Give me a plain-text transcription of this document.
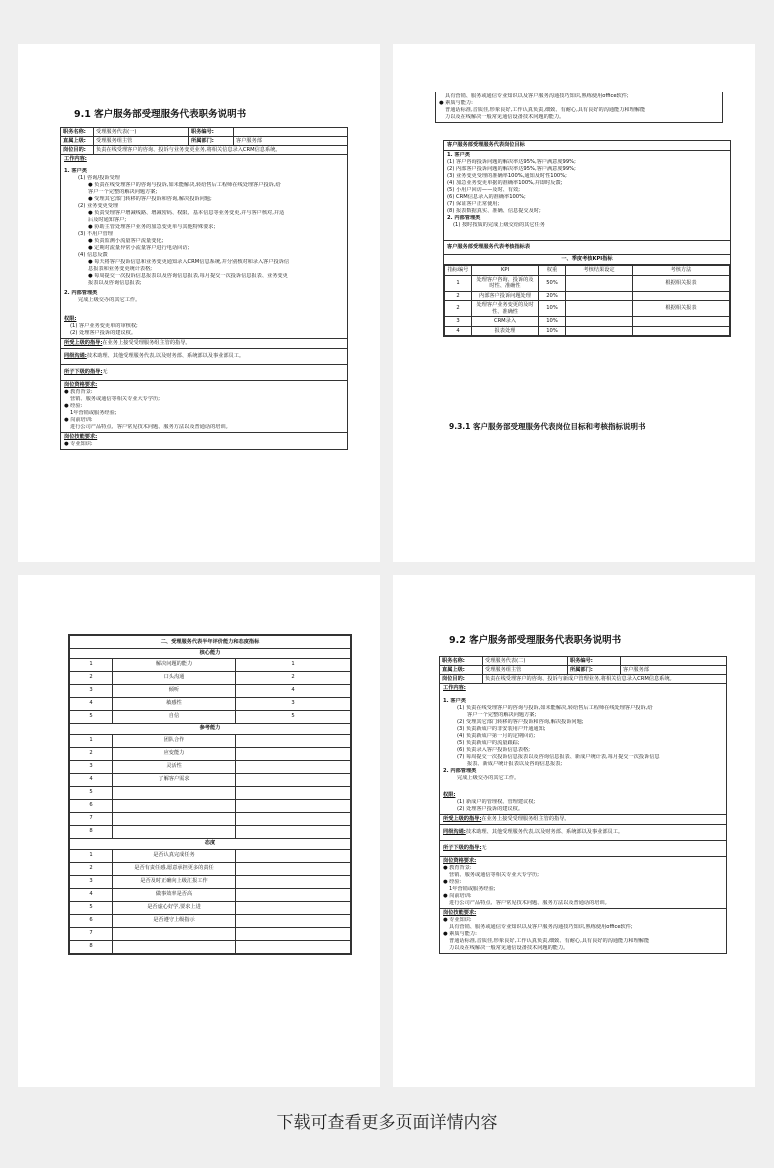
9.1 客户服务部受理服务代表职务说明书
职务名称:	受理服务代表(一)	职务编号:
直属上级:	受理服务组主管	所属部门:	客户服务部
岗位目的:	负责在线受理客户的咨询、投诉与业务变更业务,将相关信息录入CRM信息系统。
工作内容:
1. 客户类
(1) 咨询/投诉受理
● 负责在线受理客户的咨询与投诉,如未能解决,转给售后工程师在线处理客户投诉,给
客户一个完整的解决问题方案;
● 受理其它部门转移的客户投诉和咨询,解决投诉问题;
(2) 业务变更受理
● 负责受理客户增减线路、增减密码、权限、基本信息等业务变更,并与客户核对,并适
后及时通知客户;
● 协助主管处理客户业务的加急变更单与其他特殊要求;
(3) 不用户管理
● 负责监测小流量客户流量变化;
● 定期对流量异常小流量客户进行电话回访;
(4) 信息反馈
● 每天将客户投诉信息和业务变更通知录入CRM信息系统,并分别核对和录入客户投诉信
息报表和业务变更统计表格;
● 每周提交一次投诉信息报表以及咨询信息报表,每月提交一次投诉信息报表、业务变更
报表以及咨询信息报表;
2. 内部管理类
完成上级交办的其它工作。
权限:
(1) 客户业务变更单的审核权;
(2) 处理客户投诉的建议权。
所受上级的指导:在业务上接受受理服务组主管的指导。
同级沟通:技术助理、其他受理服务代表,以及财务部、系统部以及事业部员工。
所子下级的指导:无
岗位资格要求:
● 教育背景:
营销、服务或通信等相关专业大专学历;
● 经验:
1年营销或服务经验;
● 岗前培训:
进行公司产品特点、客户常见技术问题、服务方法以及普通话的培训。
岗位技能要求:
● 专业知识:
具有营销、服务或通信专业知识以及客户服务沟通技巧知识,熟练使用office软件;
● 素质与能力:
普通话标准,音质佳,形象良好,工作认真负责,细致、有耐心,具有良好的沟通能力和理解能
力以及在线解决一般常见通信设备技术问题的能力。
客户服务部受理服务代表岗位目标
1. 客户类
(1) 客户咨询投诉问题的解决率达95%,客户满意度99%;
(2) 内部客户投诉问题的解决率达95%,客户满意度99%;
(3) 业务变更受理的准确率100%,通知及时性100%;
(4) 加急业务变更单据的准确率100%,并即时反馈;
(5) 小用户回访——及时、有效;
(6) CRM信息录入的准确率100%;
(7) 保证客户正常使用;
(8) 报表数据真实、准确、信息提交及时;
2. 内部管理类
(1) 按时按质的完成上级交给的其它任务
客户服务部受理服务代表考核指标表
一、季度考核KPI指标
指标编号	KPI	权重	考核结果设定	考核方法
1	处理客户咨询、投诉的及时性、准确性	50%		根据相关报表
2	内部客户投诉问题处理	20%		
2	处理客户业务变更的及时性、准确性	10%		根据相关报表
3	CRM录入	10%		
4	报表处理	10%		
9.3.1 客户服务部受理服务代表岗位目标和考核指标说明书
二、受理服务代表半年评价能力和态度指标		
核心能力		
1	解决问题的能力	1
2	口头沟通	2
3	倾听	4
4	敏感性	3
5	自信	5
参考能力		
1	团队合作	
2	应变能力	
3	灵活性	
4	了解客户需求	
5		
6		
7		
8		
态度		
1	是否认真完成任务	
2	是否有责任感,愿意承担更多的责任	
3	是否及时正确向上级汇报工作	
4	做事效率是否高	
5	是否虚心好学,要求上进	
6	是否遵守上级指示	
7		
8		
9.2 客户服务部受理服务代表职务说明书
职务名称:	受理服务代表(二)	职务编号:
直属上级:	受理服务组主管	所属部门:	客户服务部
岗位目的:	负责在线受理客户的咨询、投诉与新成户管理业务,将相关信息录入CRM信息系统。
工作内容:
1. 客户类
(1) 负责在线受理客户的咨询与投诉,如未能解决,转给售后工程师在线处理客户投诉,给
客户一个完整的解决问题方案;
(2) 受理其它部门转移的客户投诉和咨询,解决投诉问题;
(3) 负责新成户的非安装用户开通通知;
(4) 负责新成户第一月的定期回访;
(5) 负责新成户的流量跟踪;
(6) 负责录入客户投诉信息表格;
(7) 每周提交一次投诉信息报表以及咨询信息报表、新成户统计表,每月提交一次投诉信息
报表、新成户统计报表以及咨询信息报表;
2. 内部管理类
完成上级交办的其它工作。
权限:
(1) 新成户的管理权、管理建议权;
(2) 处理客户投诉的建议权。
所受上级的指导:在业务上接受受理服务组主管的指导。
同级沟通:技术助理、其他受理服务代表,以及财务部、系统部以及事业部员工。
所子下级的指导:无
岗位资格要求:
● 教育背景:
营销、服务或通信等相关专业大专学历;
● 经验:
1年营销或服务经验;
● 岗前培训:
进行公司产品特点、客户常见技术问题、服务方法以及普通话的培训。
岗位技能要求:
● 专业知识:
具有营销、服务或通信专业知识以及客户服务沟通技巧知识,熟练使用office软件;
● 素质与能力:
普通话标准,音质佳,形象良好,工作认真负责,细致、有耐心,具有良好的沟通能力和理解能
力以及在线解决一般常见通信设备技术问题的能力。
下载可查看更多页面详情内容
